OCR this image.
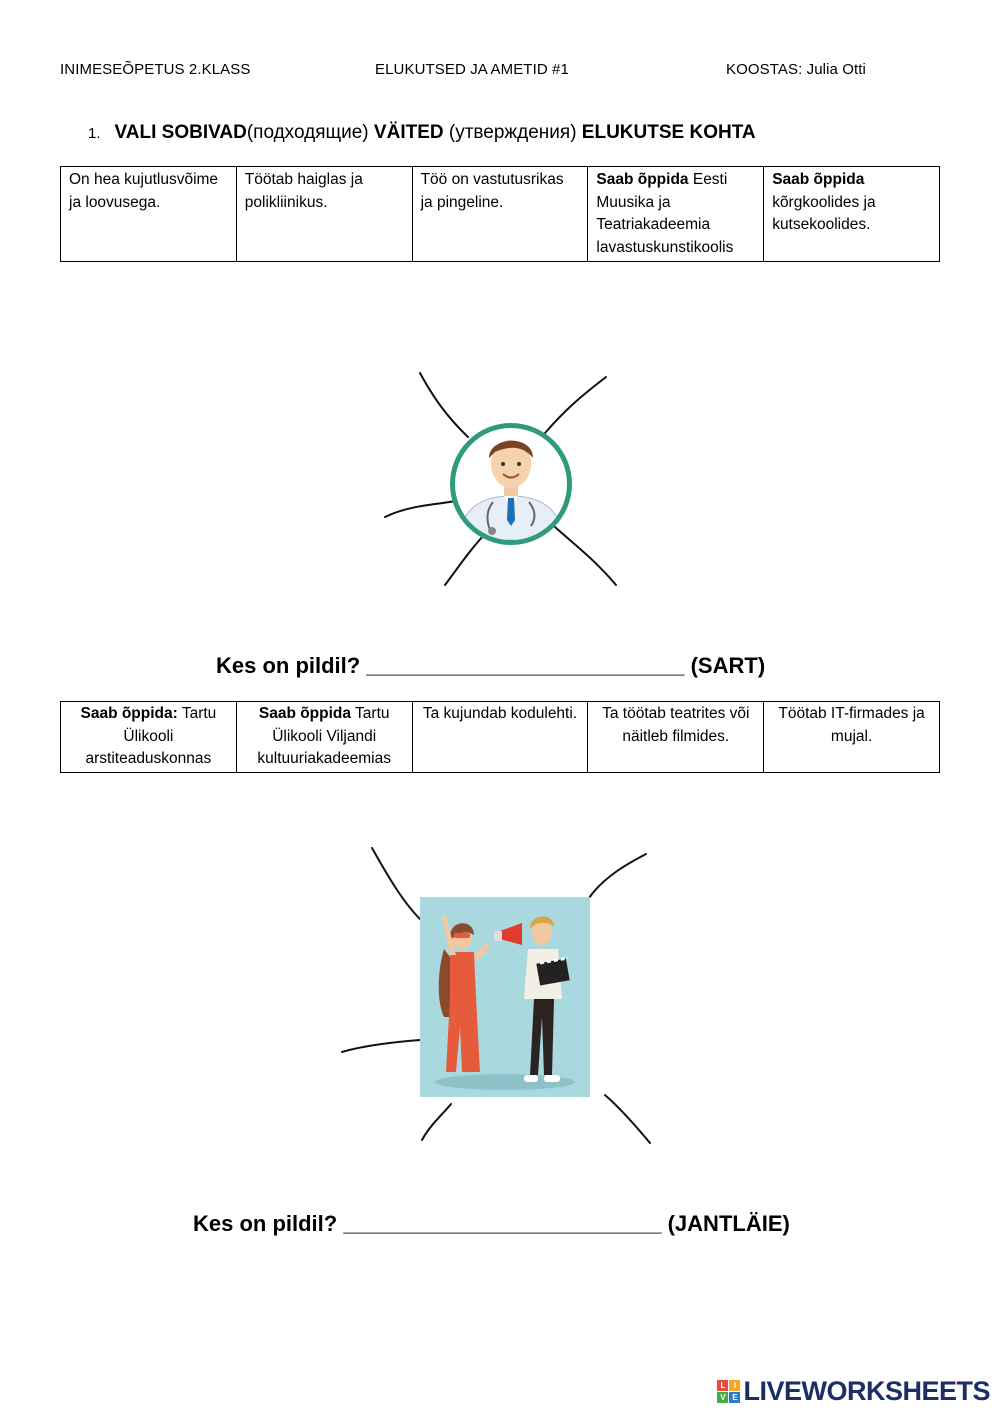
INIMESEÕPETUS 2.KLASS	ELUKUTSED JA AMETID #1	KOOSTAS: Julia Otti
1. VALI SOBIVAD(подходящие) VÄITED (утверждения) ELUKUTSE KOHTA
On hea kujutlusvõime ja loovusega.	Töötab haiglas ja polikliinikus.	Töö on vastutusrikas ja pingeline.	Saab õppida Eesti Muusika ja Teatriakadeemia lavastuskunstikoolis	Saab õppida kõrgkoolides ja kutsekoolides.
Kes on pildil? __________________________ (SART)
Saab õppida: Tartu Ülikooli arstiteaduskonnas	Saab õppida Tartu Ülikooli Viljandi kultuuriakadeemias	Ta kujundab kodulehti.	Ta töötab teatrites või näitleb filmides.	Töötab IT-firmades ja mujal.
Kes on pildil? __________________________ (JANTLÄIE)
L	I
V E LIVEWORKSHEETS
